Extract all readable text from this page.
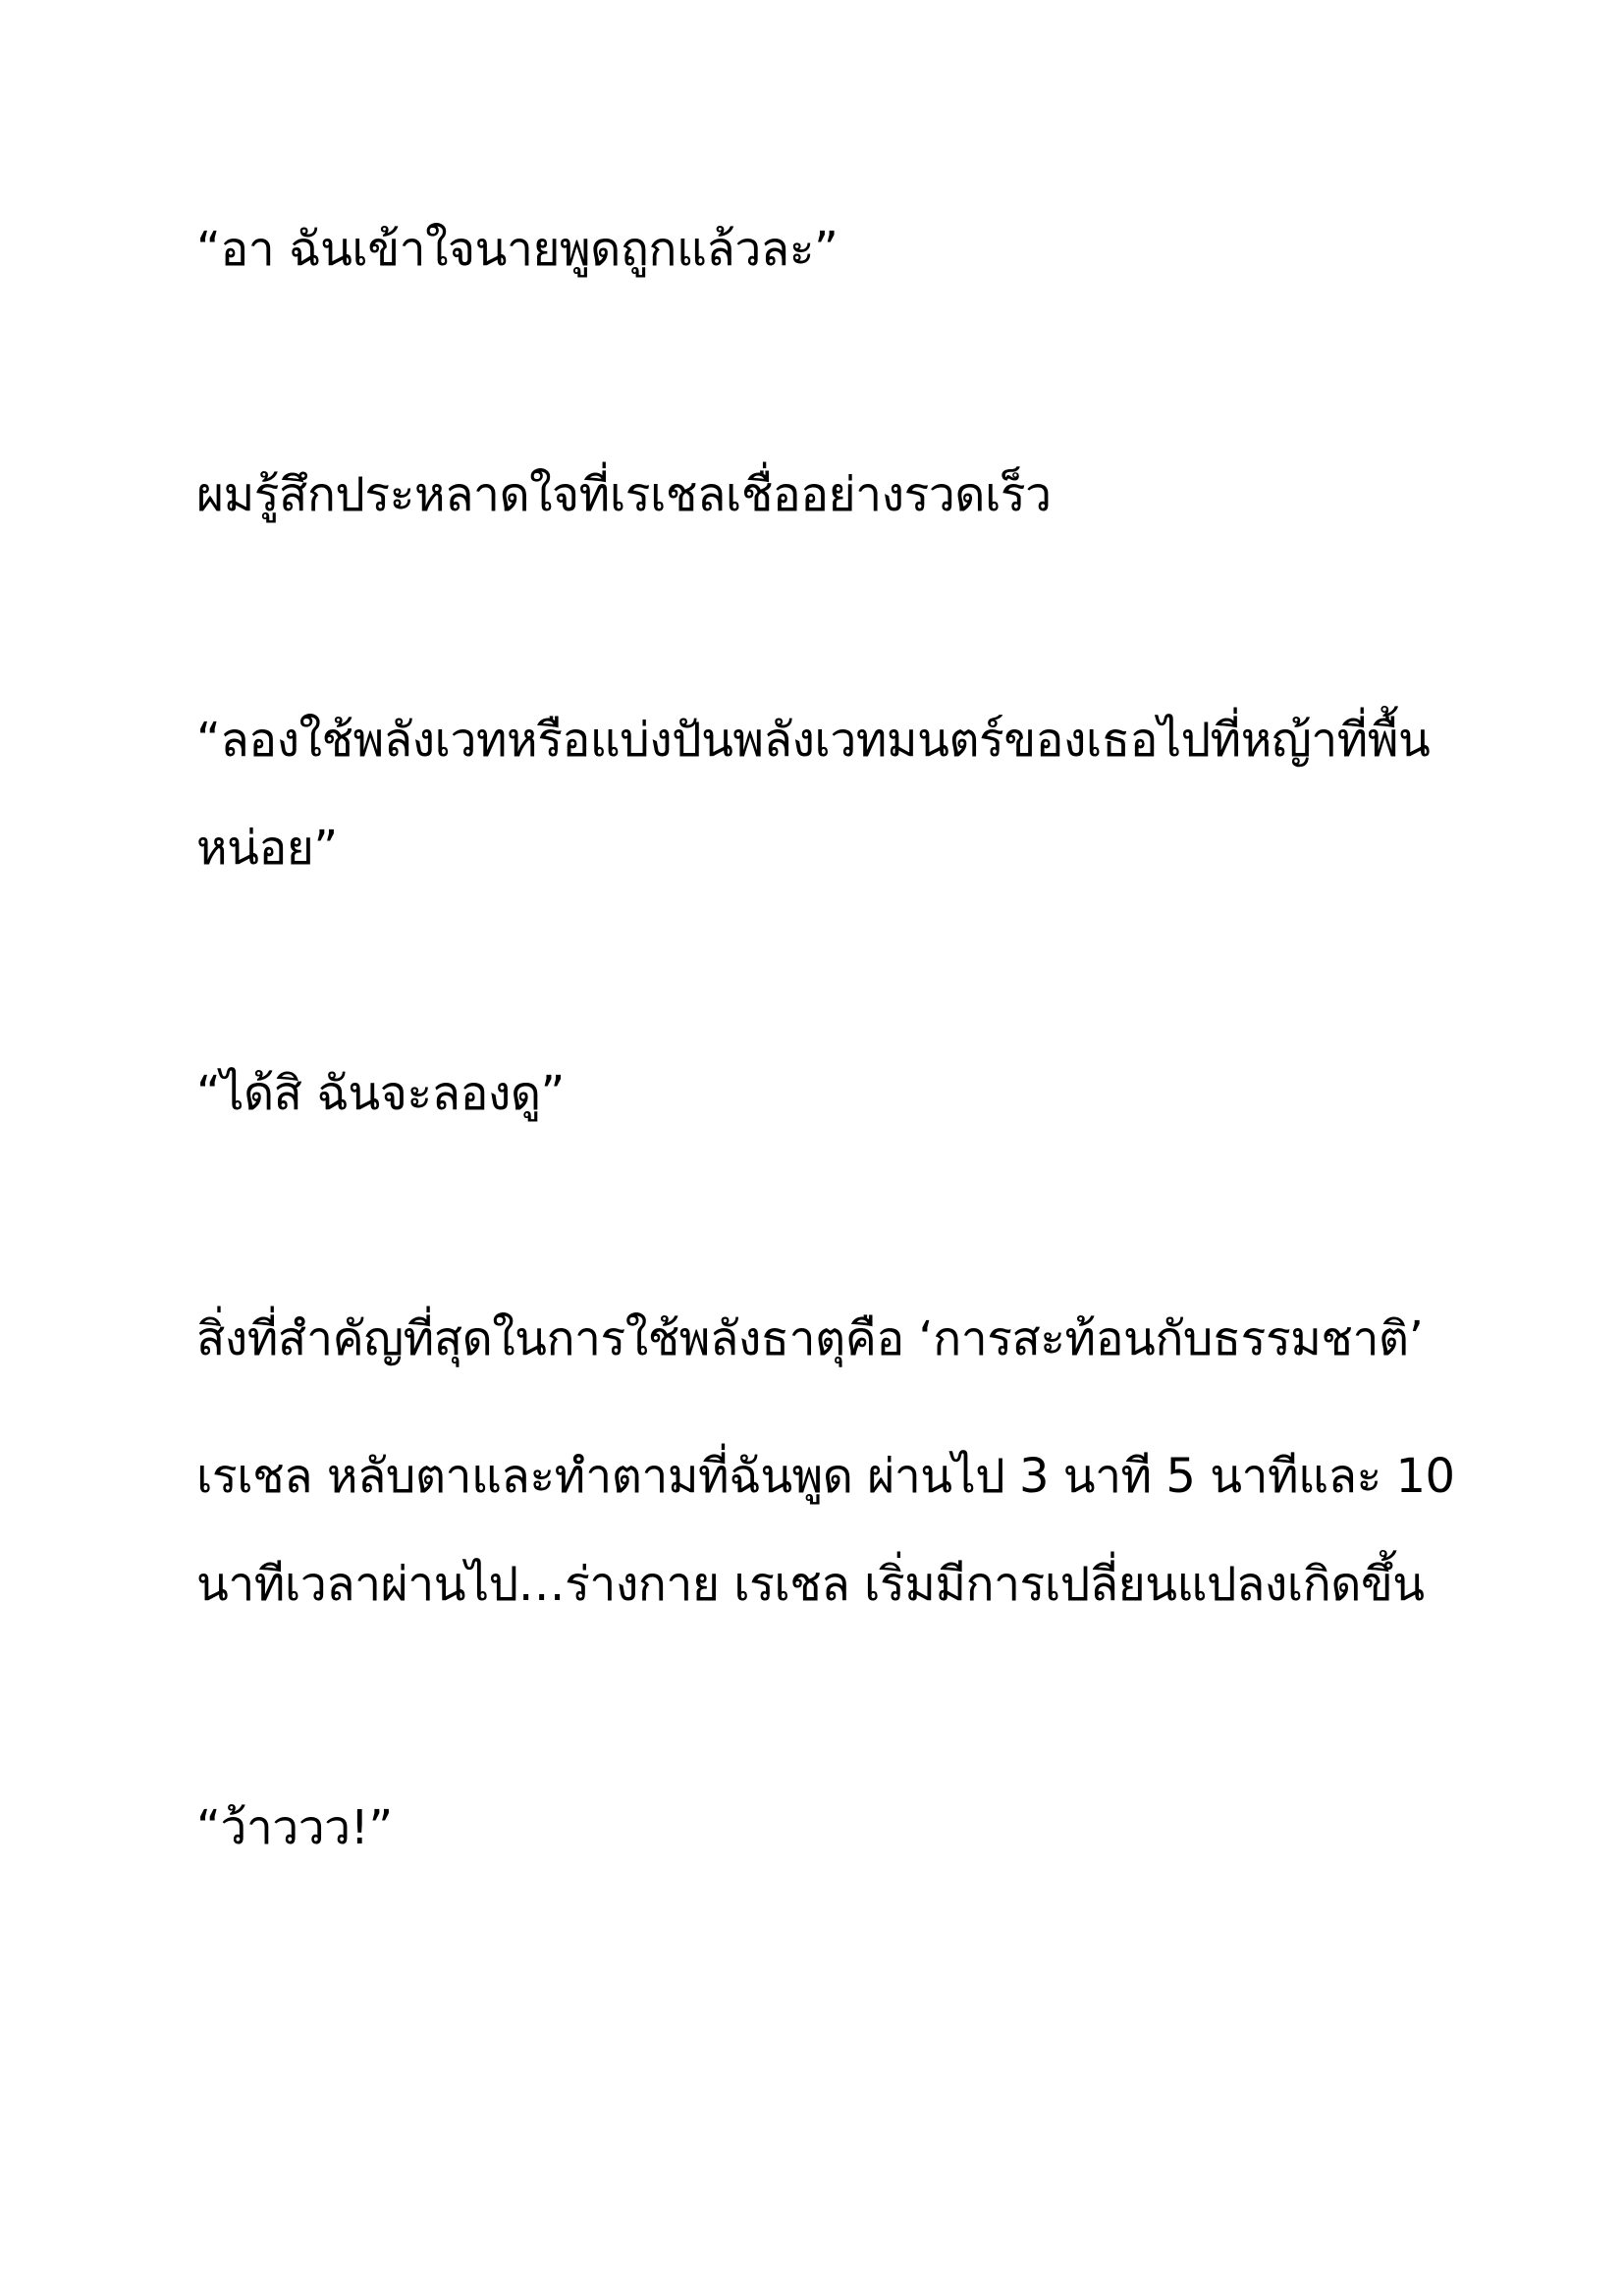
“อา ฉันเข้าใจนายพูดถูกแล้วละ”
ผมรู้สึกประหลาดใจที่เรเชลเชื่ออย่างรวดเร็ว
“ลองใช้พลังเวทหรือแบ่งปันพลังเวทมนตร์ของเธอไปที่หญ้าที่พื้น
หน่อย”
“ได้สิ ฉันจะลองดู”
สิ่งที่สำคัญที่สุดในการใช้พลังธาตุคือ ‘การสะท้อนกับธรรมชาติ’
เรเชล หลับตาและทำตามที่ฉันพูด ผ่านไป 3 นาที 5 นาทีและ 10
นาทีเวลาผ่านไป…ร่างกาย เรเชล เริ่มมีการเปลี่ยนแปลงเกิดขึ้น
“ว้าววว!”
